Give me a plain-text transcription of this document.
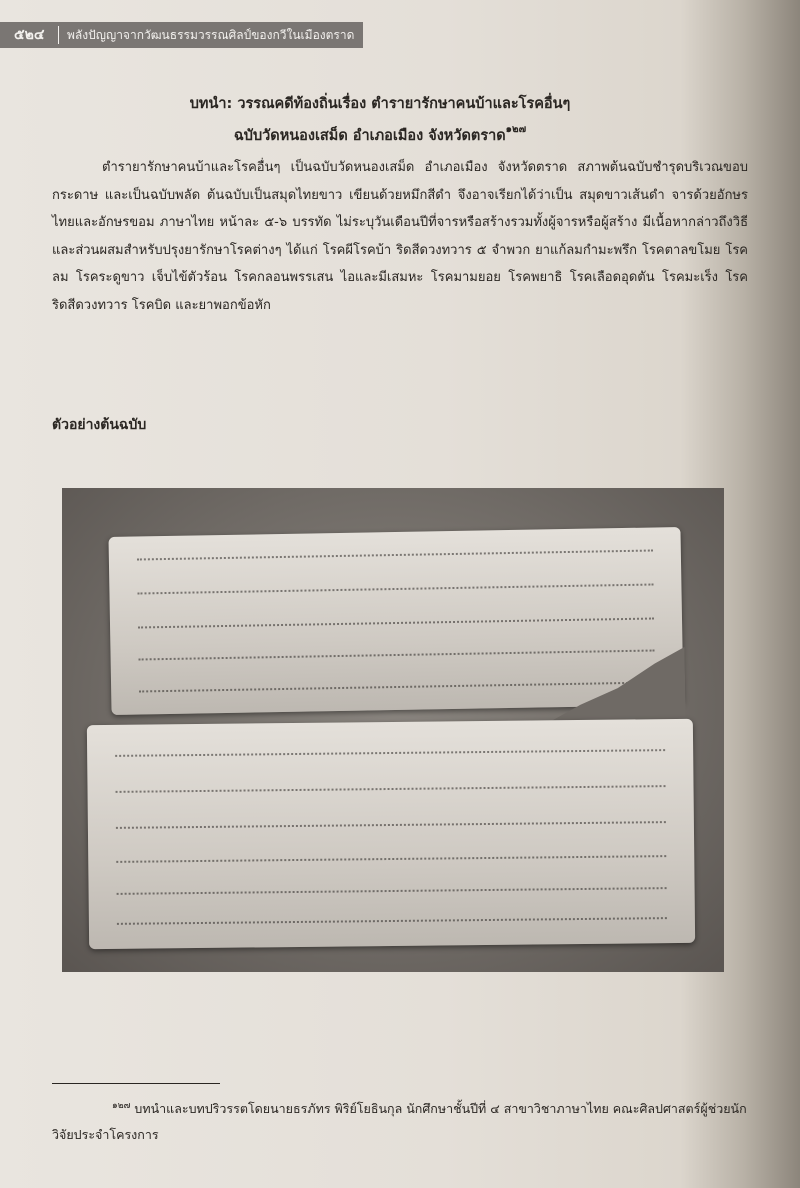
๕๒๔	พลังปัญญาจากวัฒนธรรมวรรณศิลป์ของกวีในเมืองตราด
บทนำ: วรรณคดีท้องถิ่นเรื่อง ตำรายารักษาคนบ้าและโรคอื่นๆ
ฉบับวัดหนองเสม็ด อำเภอเมือง จังหวัดตราด$^{๑๒๗}$

ตำรายารักษาคนบ้าและโรคอื่นๆ เป็นฉบับวัดหนองเสม็ด อำเภอเมือง จังหวัดตราด สภาพต้นฉบับชำรุดบริเวณขอบกระดาษ และเป็นฉบับพลัด ต้นฉบับเป็นสมุดไทยขาว เขียนด้วยหมึกสีดำ จึงอาจเรียกได้ว่าเป็น สมุดขาวเส้นดำ จารด้วยอักษรไทยและอักษรขอม ภาษาไทย หน้าละ ๕-๖ บรรทัด ไม่ระบุวันเดือนปีที่จารหรือสร้างรวมทั้งผู้จารหรือผู้สร้าง มีเนื้อหากล่าวถึงวิธีและส่วนผสมสำหรับปรุงยารักษาโรคต่างๆ ได้แก่ โรคผีโรคบ้า ริดสีดวงทวาร ๕ จำพวก ยาแก้ลมกำมะพรึก โรคตาลขโมย โรคลม โรคระดูขาว เจ็บไข้ตัวร้อน โรคกลอนพรรเสน ไอและมีเสมหะ โรคมามยอย โรคพยาธิ โรคเลือดอุดตัน โรคมะเร็ง โรคริดสีดวงทวาร โรคบิด และยาพอกข้อหัก

ตัวอย่างต้นฉบับ

$^{๑๒๗}$ บทนำและบทปริวรรตโดยนายธรภัทร พิริย์โยธินกุล นักศึกษาชั้นปีที่ ๔ สาขาวิชาภาษาไทย คณะศิลปศาสตร์ผู้ช่วยนักวิจัยประจำโครงการ
